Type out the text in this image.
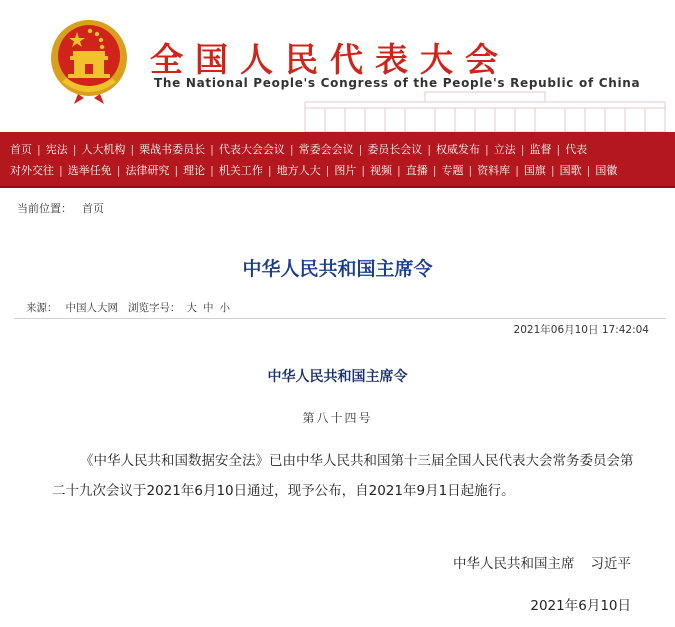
全国人民代表大会
The National People's Congress of the People's Republic of China
首页 | 宪法 | 人大机构 | 栗战书委员长 | 代表大会会议 | 常委会会议 | 委员长会议 | 权威发布 | 立法 | 监督 | 代表
对外交往 | 选举任免 | 法律研究 | 理论 | 机关工作 | 地方人大 | 图片 | 视频 | 直播 | 专题 | 资料库 | 国旗 | 国歌 | 国徽
当前位置： 首页
中华人民共和国主席令
来源： 中国人大网 浏览字号： 大 中 小
2021年06月10日 17:42:04
中华人民共和国主席令
第八十四号
《中华人民共和国数据安全法》已由中华人民共和国第十三届全国人民代表大会常务委员会第二十九次会议于2021年6月10日通过，现予公布，自2021年9月1日起施行。
中华人民共和国主席 习近平
2021年6月10日
